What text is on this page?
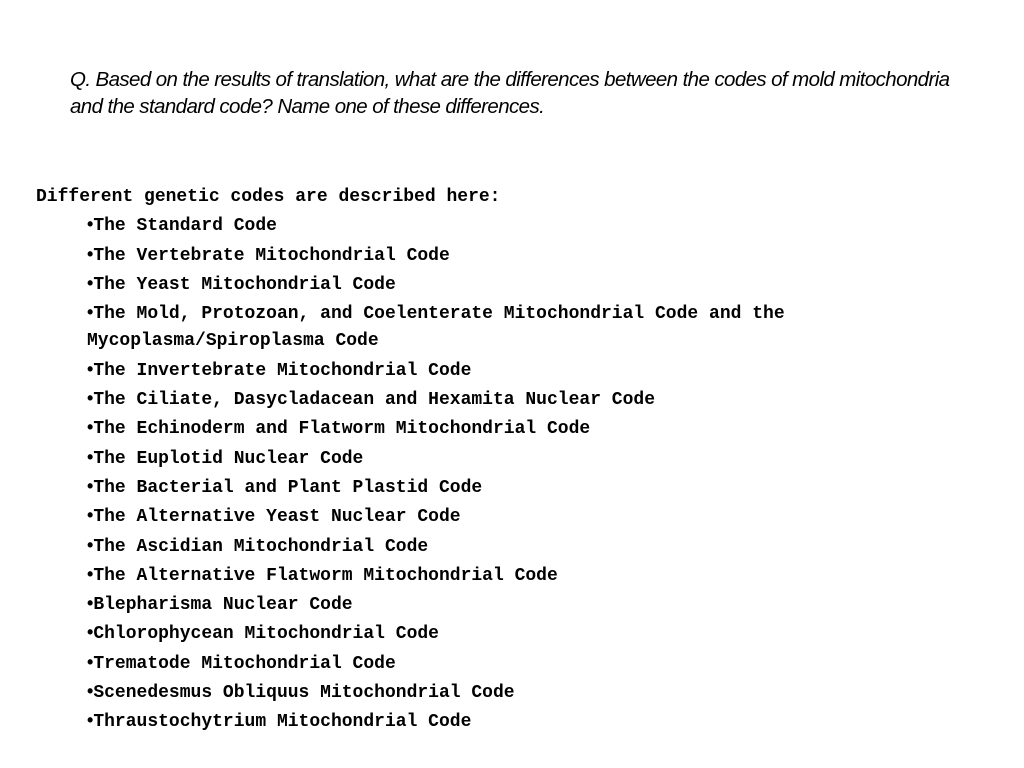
Q. Based on the results of translation, what are the differences between the codes of mold mitochondria and the standard code? Name one of these differences.

Different genetic codes are described here:

•The Standard Code
•The Vertebrate Mitochondrial Code
•The Yeast Mitochondrial Code
•The Mold, Protozoan, and Coelenterate Mitochondrial Code and the Mycoplasma/Spiroplasma Code
•The Invertebrate Mitochondrial Code
•The Ciliate, Dasycladacean and Hexamita Nuclear Code
•The Echinoderm and Flatworm Mitochondrial Code
•The Euplotid Nuclear Code
•The Bacterial and Plant Plastid Code
•The Alternative Yeast Nuclear Code
•The Ascidian Mitochondrial Code
•The Alternative Flatworm Mitochondrial Code
•Blepharisma Nuclear Code
•Chlorophycean Mitochondrial Code
•Trematode Mitochondrial Code
•Scenedesmus Obliquus Mitochondrial Code
•Thraustochytrium Mitochondrial Code
